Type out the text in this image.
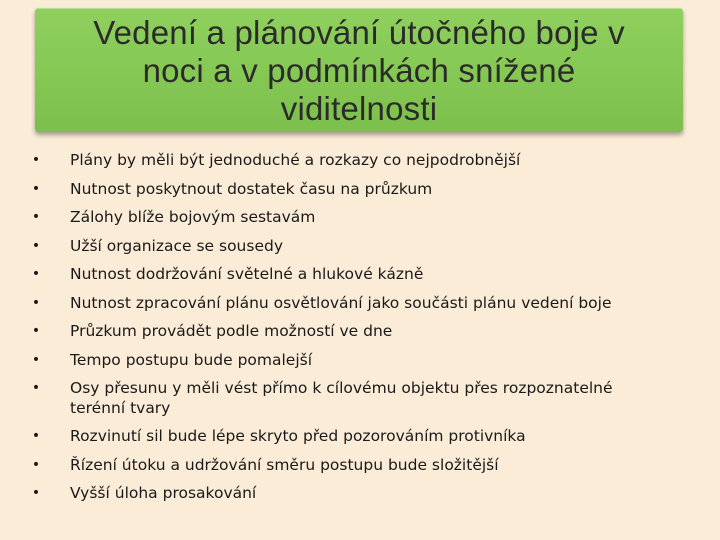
Vedení a plánování útočného boje v
noci a v podmínkách snížené
viditelnosti
• Plány by měli být jednoduché a rozkazy co nejpodrobnější
• Nutnost poskytnout dostatek času na průzkum
• Zálohy blíže bojovým sestavám
• Užší organizace se sousedy
• Nutnost dodržování světelné a hlukové kázně
• Nutnost zpracování plánu osvětlování jako součásti plánu vedení boje
• Průzkum provádět podle možností ve dne
• Tempo postupu bude pomalejší
• Osy přesunu y měli vést přímo k cílovému objektu přes rozpoznatelné terénní tvary
• Rozvinutí sil bude lépe skryto před pozorováním protivníka
• Řízení útoku a udržování směru postupu bude složitější
• Vyšší úloha prosakování
